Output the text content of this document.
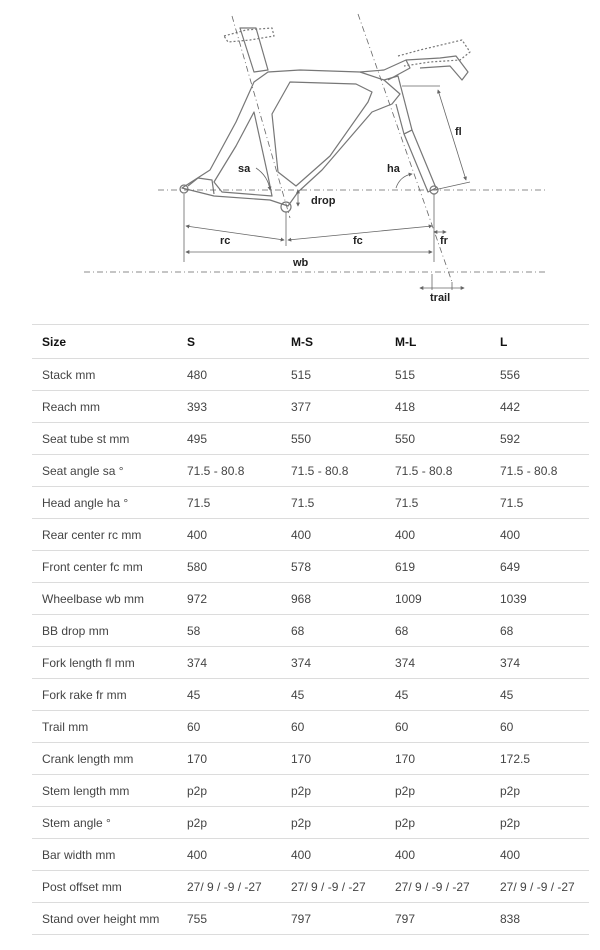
sa	ha
fl
drop
rc	fc	fr
wb
trail
Size	S	M-S	M-L	L
Stack mm	480	515	515	556
Reach mm	393	377	418	442
Seat tube st mm	495	550	550	592
Seat angle sa °	71.5 - 80.8	71.5 - 80.8	71.5 - 80.8	71.5 - 80.8
Head angle ha °	71.5	71.5	71.5	71.5
Rear center rc mm	400	400	400	400
Front center fc mm	580	578	619	649
Wheelbase wb mm	972	968	1009	1039
BB drop mm	58	68	68	68
Fork length fl mm	374	374	374	374
Fork rake fr mm	45	45	45	45
Trail mm	60	60	60	60
Crank length mm	170	170	170	172.5
Stem length mm	p2p	p2p	p2p	p2p
Stem angle °	p2p	p2p	p2p	p2p
Bar width mm	400	400	400	400
Post offset mm	27/ 9 / -9 / -27	27/ 9 / -9 / -27	27/ 9 / -9 / -27	27/ 9 / -9 / -27
Stand over height mm	755	797	797	838
